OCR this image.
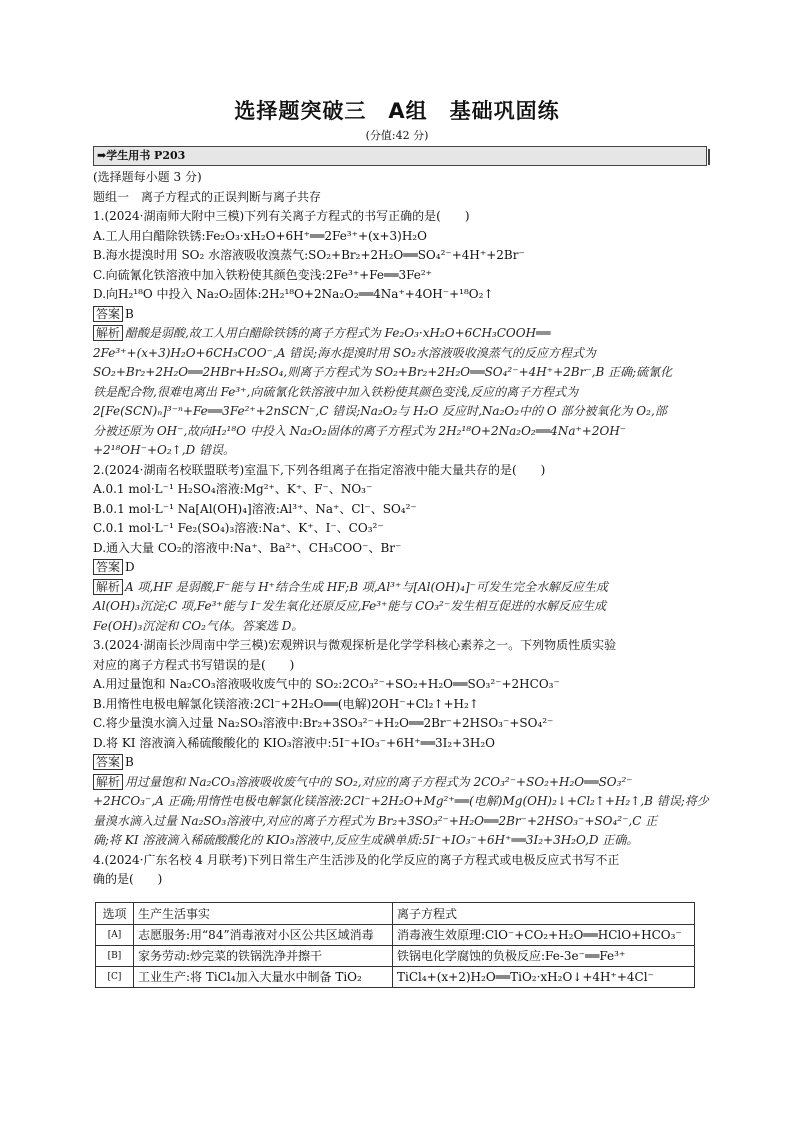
选择题突破三　A组　基础巩固练
(分值:42 分)
➡学生用书 P203

(选择题每小题 3 分)

题组一　离子方程式的正误判断与离子共存

1.(2024·湖南师大附中三模)下列有关离子方程式的书写正确的是(　　)

A.工人用白醋除铁锈:Fe₂O₃·xH₂O+6H⁺══2Fe³⁺+(x+3)H₂O

B.海水提溴时用 SO₂ 水溶液吸收溴蒸气:SO₂+Br₂+2H₂O══SO₄²⁻+4H⁺+2Br⁻

C.向硫氰化铁溶液中加入铁粉使其颜色变浅:2Fe³⁺+Fe══3Fe²⁺

D.向H₂¹⁸O 中投入 Na₂O₂固体:2H₂¹⁸O+2Na₂O₂══4Na⁺+4OH⁻+¹⁸O₂↑

答案 B

解析 醋酸是弱酸,故工人用白醋除铁锈的离子方程式为 Fe₂O₃·xH₂O+6CH₃COOH══

2Fe³⁺+(x+3)H₂O+6CH₃COO⁻,A 错误;海水提溴时用 SO₂水溶液吸收溴蒸气的反应方程式为

SO₂+Br₂+2H₂O══2HBr+H₂SO₄,则离子方程式为 SO₂+Br₂+2H₂O══SO₄²⁻+4H⁺+2Br⁻,B 正确;硫氰化

铁是配合物,很难电离出 Fe³⁺,向硫氰化铁溶液中加入铁粉使其颜色变浅,反应的离子方程式为

2[Fe(SCN)ₙ]³⁻ⁿ+Fe══3Fe²⁺+2nSCN⁻,C 错误;Na₂O₂与 H₂O 反应时,Na₂O₂中的 O 部分被氧化为 O₂,部

分被还原为 OH⁻,故向H₂¹⁸O 中投入 Na₂O₂固体的离子方程式为 2H₂¹⁸O+2Na₂O₂══4Na⁺+2OH⁻

+2¹⁸OH⁻+O₂↑,D 错误。

2.(2024·湖南名校联盟联考)室温下,下列各组离子在指定溶液中能大量共存的是(　　)

A.0.1 mol·L⁻¹ H₂SO₄溶液:Mg²⁺、K⁺、F⁻、NO₃⁻

B.0.1 mol·L⁻¹ Na[Al(OH)₄]溶液:Al³⁺、Na⁺、Cl⁻、SO₄²⁻

C.0.1 mol·L⁻¹ Fe₂(SO₄)₃溶液:Na⁺、K⁺、I⁻、CO₃²⁻

D.通入大量 CO₂的溶液中:Na⁺、Ba²⁺、CH₃COO⁻、Br⁻

答案 D

解析 A 项,HF 是弱酸,F⁻能与 H⁺结合生成 HF;B 项,Al³⁺与[Al(OH)₄]⁻可发生完全水解反应生成

Al(OH)₃沉淀;C 项,Fe³⁺能与 I⁻发生氧化还原反应,Fe³⁺能与 CO₃²⁻发生相互促进的水解反应生成

Fe(OH)₃沉淀和 CO₂气体。答案选 D。

3.(2024·湖南长沙周南中学三模)宏观辨识与微观探析是化学学科核心素养之一。下列物质性质实验

对应的离子方程式书写错误的是(　　)

A.用过量饱和 Na₂CO₃溶液吸收废气中的 SO₂:2CO₃²⁻+SO₂+H₂O══SO₃²⁻+2HCO₃⁻

B.用惰性电极电解氯化镁溶液:2Cl⁻+2H₂O══(电解)2OH⁻+Cl₂↑+H₂↑

C.将少量溴水滴入过量 Na₂SO₃溶液中:Br₂+3SO₃²⁻+H₂O══2Br⁻+2HSO₃⁻+SO₄²⁻

D.将 KI 溶液滴入稀硫酸酸化的 KIO₃溶液中:5I⁻+IO₃⁻+6H⁺══3I₂+3H₂O

答案 B

解析 用过量饱和 Na₂CO₃溶液吸收废气中的 SO₂,对应的离子方程式为 2CO₃²⁻+SO₂+H₂O══SO₃²⁻

+2HCO₃⁻,A 正确;用惰性电极电解氯化镁溶液:2Cl⁻+2H₂O+Mg²⁺══(电解)Mg(OH)₂↓+Cl₂↑+H₂↑,B 错误;将少

量溴水滴入过量 Na₂SO₃溶液中,对应的离子方程式为 Br₂+3SO₃²⁻+H₂O══2Br⁻+2HSO₃⁻+SO₄²⁻,C 正

确;将 KI 溶液滴入稀硫酸酸化的 KIO₃溶液中,反应生成碘单质:5I⁻+IO₃⁻+6H⁺══3I₂+3H₂O,D 正确。

4.(2024·广东名校 4 月联考)下列日常生产生活涉及的化学反应的离子方程式或电极反应式书写不正

确的是(　　)

选项	生产生活事实	离子方程式
[A]	志愿服务:用“84”消毒液对小区公共区域消毒	消毒液生效原理:ClO⁻+CO₂+H₂O══HClO+HCO₃⁻
[B]	家务劳动:炒完菜的铁锅洗净并擦干	铁锅电化学腐蚀的负极反应:Fe-3e⁻══Fe³⁺
[C]	工业生产:将 TiCl₄加入大量水中制备 TiO₂	TiCl₄+(x+2)H₂O══TiO₂·xH₂O↓+4H⁺+4Cl⁻
